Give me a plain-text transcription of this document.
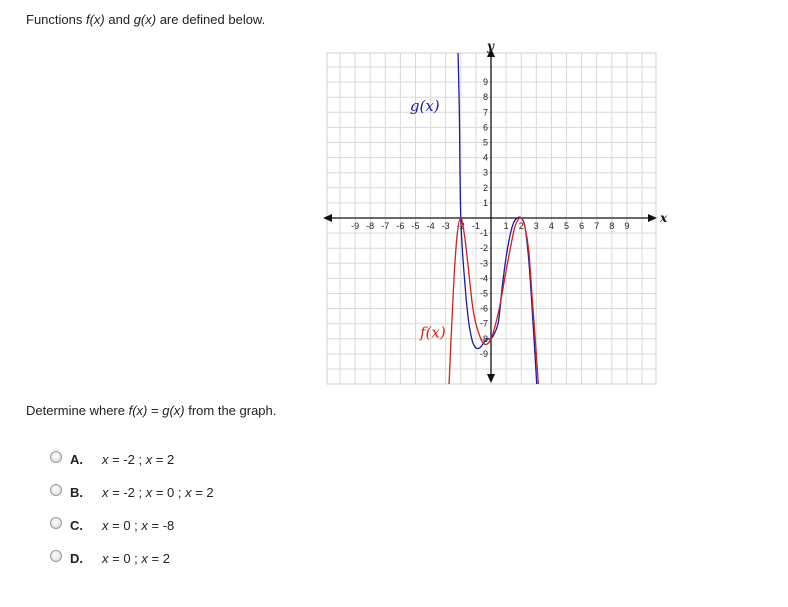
Functions f(x) and g(x) are defined below.
x
y
-9 -8 -7 -6 -5 -4 -3 -2 -1	1 2 3 4 5 6 7 8 9
-9
-8
-7
-6
-5
-4
-3
-2
-1
1
2
3
4
5
6
7
8
9
g(x)
f(x)
Determine where f(x) = g(x) from the graph.
A. x = -2 ; x = 2
B. x = -2 ; x = 0 ; x = 2
C. x = 0 ; x = -8
D. x = 0 ; x = 2
